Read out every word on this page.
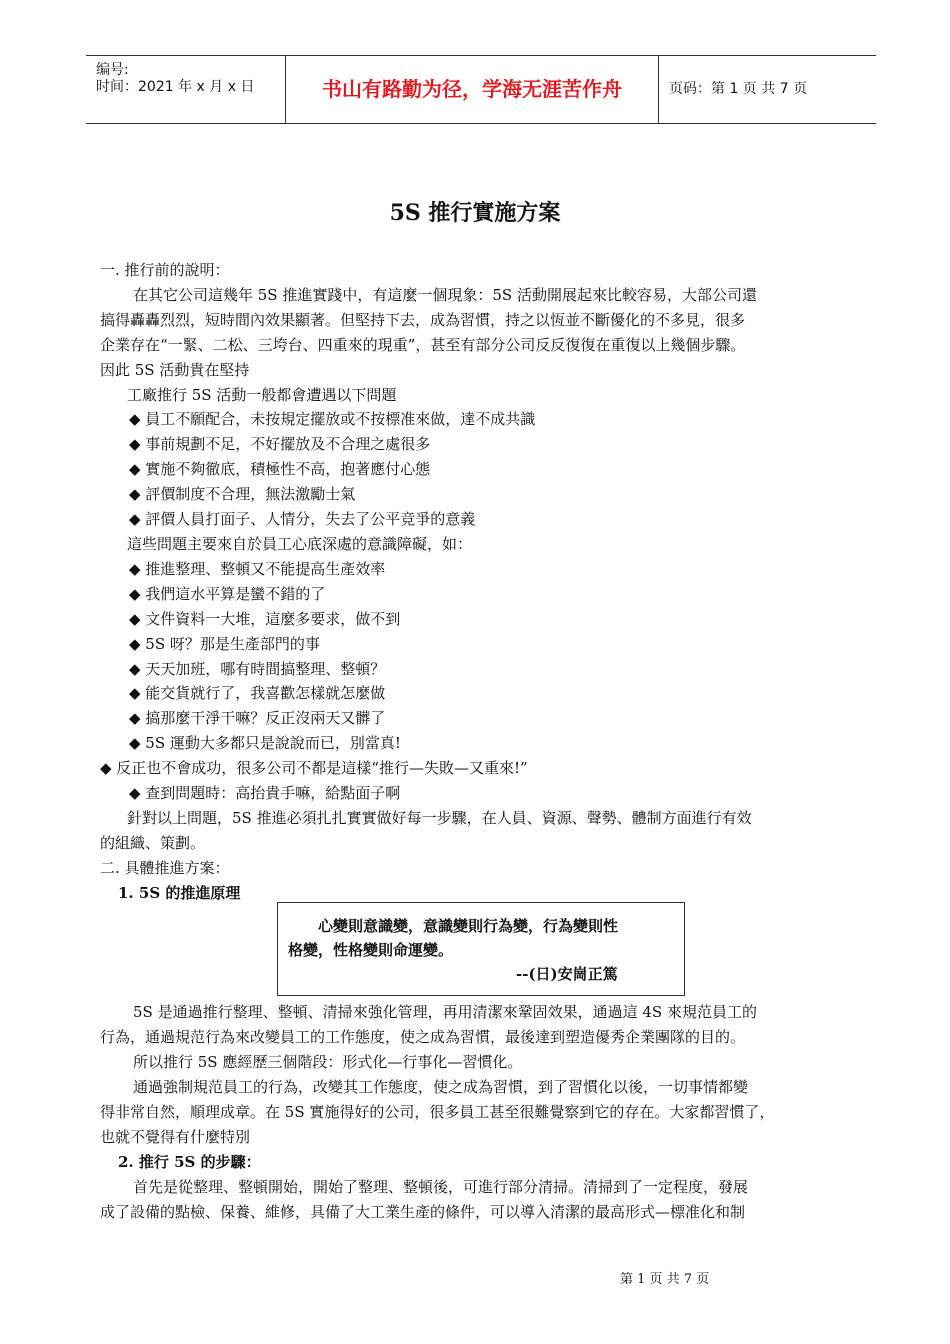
编号:
时间：2021 年 x 月 x 日	书山有路勤为径，学海无涯苦作舟	页码：第 1 页 共 7 页
5S 推行實施方案
一. 推行前的說明：
在其它公司這幾年 5S 推進實踐中，有這麼一個現象：5S 活動開展起來比較容易，大部公司還
搞得轟轟烈烈，短時間內效果顯著。但堅持下去，成為習慣，持之以恆並不斷優化的不多見，很多
企業存在“一緊、二松、三垮台、四重來的現重”，甚至有部分公司反反復復在重復以上幾個步驟。
因此 5S 活動貴在堅持
工廠推行 5S 活動一般都會遭遇以下問題
◆ 員工不願配合，未按規定擺放或不按標准來做，達不成共識
◆ 事前規劃不足，不好擺放及不合理之處很多
◆ 實施不夠徹底，積極性不高，抱著應付心態
◆ 評價制度不合理，無法激勵士氣
◆ 評價人員打面子、人情分，失去了公平竞爭的意義
這些問題主要來自於員工心底深處的意識障礙，如：
◆ 推進整理、整頓又不能提高生產效率
◆ 我們這水平算是蠻不錯的了
◆ 文件資料一大堆，這麼多要求，做不到
◆ 5S 呀？那是生產部門的事
◆ 天天加班，哪有時間搞整理、整頓？
◆ 能交貨就行了，我喜歡怎樣就怎麼做
◆ 搞那麼干淨干嘛？反正沒兩天又髒了
◆ 5S 運動大多都只是說說而已，別當真!
◆ 反正也不會成功，很多公司不都是這樣“推行—失敗—又重來!”
◆ 查到問題時：高抬貴手嘛，給點面子啊
針對以上問題，5S 推進必須扎扎實實做好每一步驟，在人員、資源、聲勢、體制方面進行有效
的組織、策劃。
二. 具體推進方案：
1. 5S 的推進原理
心變則意識變，意識變則行為變，行為變則性
格變，性格變則命運變。
--(日)安崗正篤
5S 是通過推行整理、整頓、清掃來強化管理，再用清潔來鞏固效果，通過這 4S 來規范員工的
行為，通過規范行為來改變員工的工作態度，使之成為習慣，最後達到塑造優秀企業團隊的目的。
所以推行 5S 應經歷三個階段：形式化—行事化—習慣化。
通過強制規范員工的行為，改變其工作態度，使之成為習慣，到了習慣化以後，一切事情都變
得非常自然，順理成章。在 5S 實施得好的公司，很多員工甚至很難覺察到它的存在。大家都習慣了，
也就不覺得有什麼特別
2. 推行 5S 的步驟：
首先是從整理、整頓開始，開始了整理、整頓後，可進行部分清掃。清掃到了一定程度，發展
成了設備的點檢、保養、維修，具備了大工業生產的條件，可以導入清潔的最高形式—標准化和制
第 1 页 共 7 页
